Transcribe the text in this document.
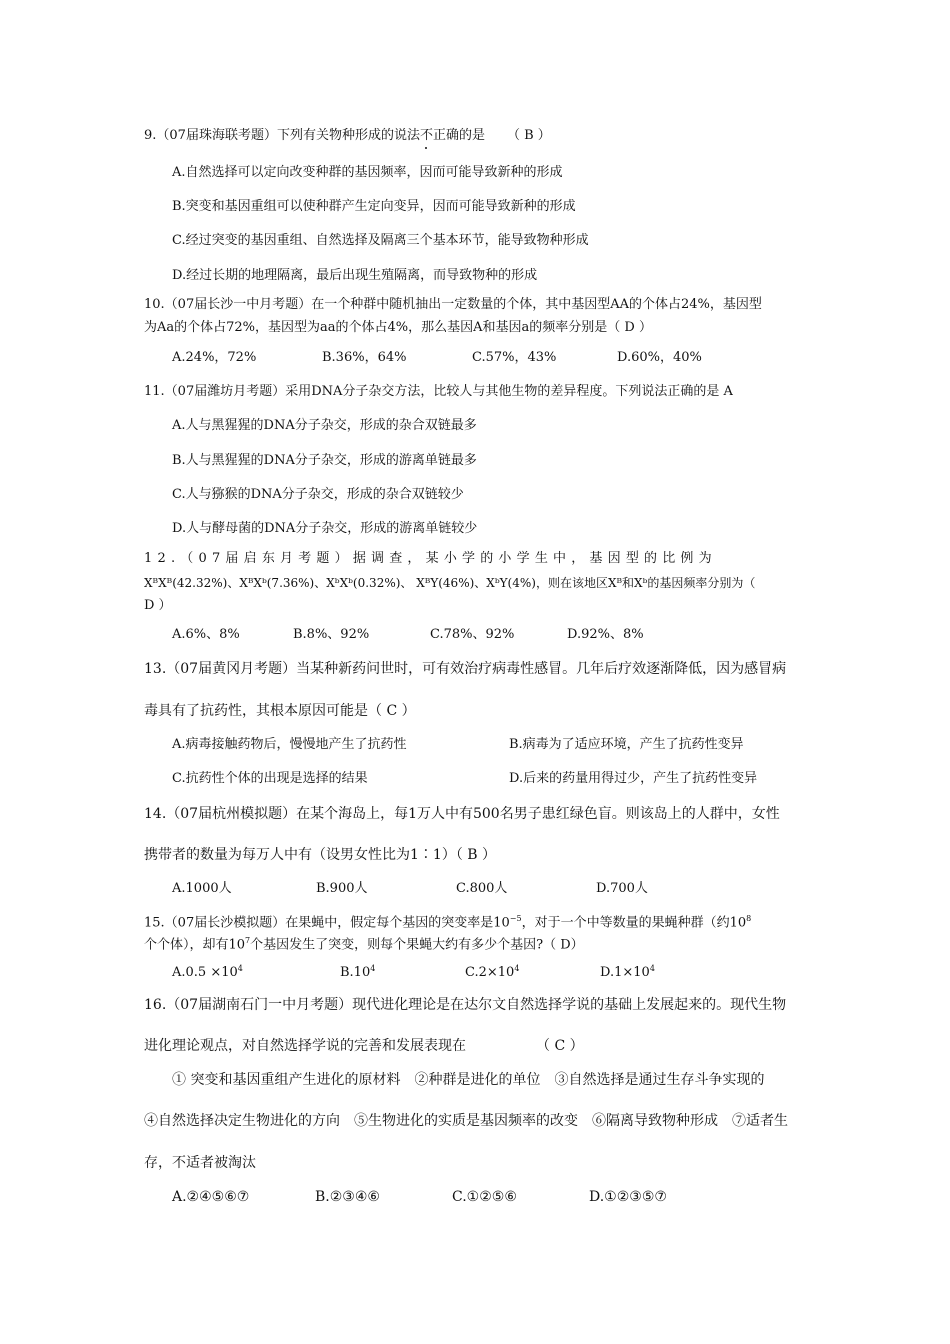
9.（07届珠海联考题）下列有关物种形成的说法不正确的是 （ B ）
A.自然选择可以定向改变种群的基因频率，因而可能导致新种的形成
B.突变和基因重组可以使种群产生定向变异，因而可能导致新种的形成
C.经过突变的基因重组、自然选择及隔离三个基本环节，能导致物种形成
D.经过长期的地理隔离，最后出现生殖隔离，而导致物种的形成
10.（07届长沙一中月考题）在一个种群中随机抽出一定数量的个体，其中基因型AA的个体占24%，基因型
为Aa的个体占72%，基因型为aa的个体占4%，那么基因A和基因a的频率分别是（ D ）
A.24%，72%	B.36%，64%	C.57%，43%	D.60%，40%
11.（07届潍坊月考题）采用DNA分子杂交方法，比较人与其他生物的差异程度。下列说法正确的是 A
A.人与黑猩猩的DNA分子杂交，形成的杂合双链最多
B.人与黑猩猩的DNA分子杂交，形成的游离单链最多
C.人与猕猴的DNA分子杂交，形成的杂合双链较少
D.人与酵母菌的DNA分子杂交，形成的游离单链较少
12.（07届启东月考题）据调查，某小学的小学生中，基因型的比例为
XᴮXᴮ(42.32%)、XᴮXᵇ(7.36%)、XᵇXᵇ(0.32%)、 XᴮY(46%)、XᵇY(4%)，则在该地区Xᴮ和Xᵇ的基因频率分别为（
D ）
A.6%、8%	B.8%、92%	C.78%、92%	D.92%、8%
13.（07届黄冈月考题）当某种新药问世时，可有效治疗病毒性感冒。几年后疗效逐渐降低，因为感冒病
毒具有了抗药性，其根本原因可能是（ C ）
A.病毒接触药物后，慢慢地产生了抗药性	B.病毒为了适应环境，产生了抗药性变异
C.抗药性个体的出现是选择的结果	D.后来的药量用得过少，产生了抗药性变异
14.（07届杭州模拟题）在某个海岛上，每1万人中有500名男子患红绿色盲。则该岛上的人群中，女性
携带者的数量为每万人中有（设男女性比为1∶1）（ B ）
A.1000人	B.900人	C.800人	D.700人
15.（07届长沙模拟题）在果蝇中，假定每个基因的突变率是$10^{-5}$，对于一个中等数量的果蝇种群（约$10^8$
个个体），却有$10^7$个基因发生了突变，则每个果蝇大约有多少个基因?（ D）
$A.0.5 \times 10^4$	$B.10^4$	$C.2\times 10^4$	$D.1\times 10^4$
16.（07届湖南石门一中月考题）现代进化理论是在达尔文自然选择学说的基础上发展起来的。现代生物
进化理论观点，对自然选择学说的完善和发展表现在	（ C ）
① 突变和基因重组产生进化的原材料　②种群是进化的单位　③自然选择是通过生存斗争实现的
④自然选择决定生物进化的方向　⑤生物进化的实质是基因频率的改变　⑥隔离导致物种形成　⑦适者生
存，不适者被淘汰
A.②④⑤⑥⑦	B.②③④⑥	C.①②⑤⑥	D.①②③⑤⑦
